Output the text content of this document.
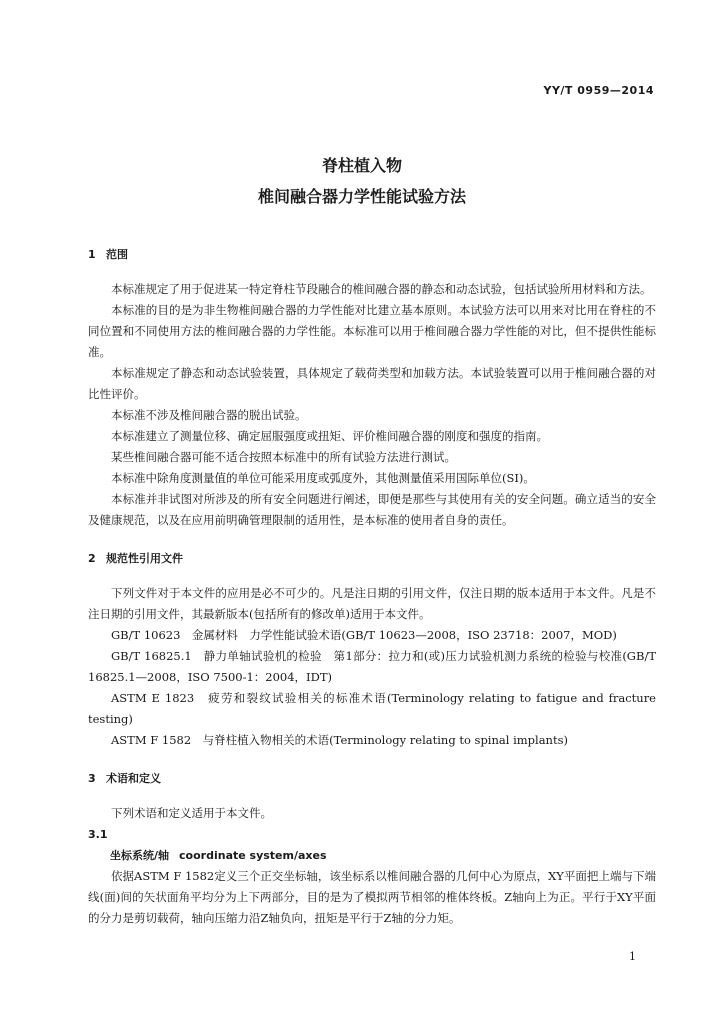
YY/T 0959—2014
脊柱植入物
椎间融合器力学性能试验方法

1 范围

本标准规定了用于促进某一特定脊柱节段融合的椎间融合器的静态和动态试验，包括试验所用材料和方法。

本标准的目的是为非生物椎间融合器的力学性能对比建立基本原则。本试验方法可以用来对比用在脊柱的不同位置和不同使用方法的椎间融合器的力学性能。本标准可以用于椎间融合器力学性能的对比，但不提供性能标准。

本标准规定了静态和动态试验装置，具体规定了载荷类型和加载方法。本试验装置可以用于椎间融合器的对比性评价。

本标准不涉及椎间融合器的脱出试验。

本标准建立了测量位移、确定屈服强度或扭矩、评价椎间融合器的刚度和强度的指南。

某些椎间融合器可能不适合按照本标准中的所有试验方法进行测试。

本标准中除角度测量值的单位可能采用度或弧度外，其他测量值采用国际单位(SI)。

本标准并非试图对所涉及的所有安全问题进行阐述，即便是那些与其使用有关的安全问题。确立适当的安全及健康规范，以及在应用前明确管理限制的适用性，是本标准的使用者自身的责任。

2 规范性引用文件

下列文件对于本文件的应用是必不可少的。凡是注日期的引用文件，仅注日期的版本适用于本文件。凡是不注日期的引用文件，其最新版本(包括所有的修改单)适用于本文件。

GB/T 10623　金属材料　力学性能试验术语(GB/T 10623—2008，ISO 23718：2007，MOD)

GB/T 16825.1　静力单轴试验机的检验　第1部分：拉力和(或)压力试验机测力系统的检验与校准(GB/T 16825.1—2008，ISO 7500-1：2004，IDT)

ASTM E 1823　疲劳和裂纹试验相关的标准术语(Terminology relating to fatigue and fracture testing)

ASTM F 1582　与脊柱植入物相关的术语(Terminology relating to spinal implants)

3 术语和定义

下列术语和定义适用于本文件。

3.1

坐标系统/轴 coordinate system/axes

依据ASTM F 1582定义三个正交坐标轴，该坐标系以椎间融合器的几何中心为原点，XY平面把上端与下端线(面)间的矢状面角平均分为上下两部分，目的是为了模拟两节相邻的椎体终板。Z轴向上为正。平行于XY平面的分力是剪切载荷，轴向压缩力沿Z轴负向，扭矩是平行于Z轴的分力矩。

1
